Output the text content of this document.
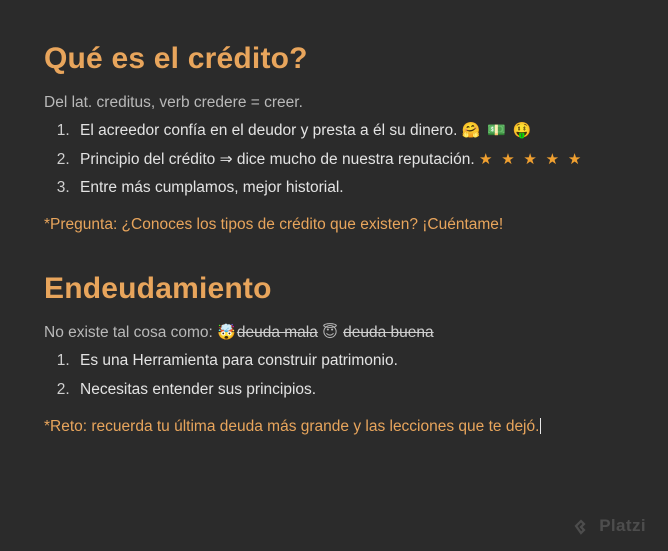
Qué es el crédito?

Del lat. creditus, verb credere = creer.

1. El acreedor confía en el deudor y presta a él su dinero. 🤗 💵 🤑
2. Principio del crédito ⇒ dice mucho de nuestra reputación. ★ ★ ★ ★ ★
3. Entre más cumplamos, mejor historial.

*Pregunta: ¿Conoces los tipos de crédito que existen? ¡Cuéntame!

Endeudamiento

No existe tal cosa como: 🤯deuda mala 😇 deuda buena

1. Es una Herramienta para construir patrimonio.
2. Necesitas entender sus principios.

*Reto: recuerda tu última deuda más grande y las lecciones que te dejó.

Platzi
